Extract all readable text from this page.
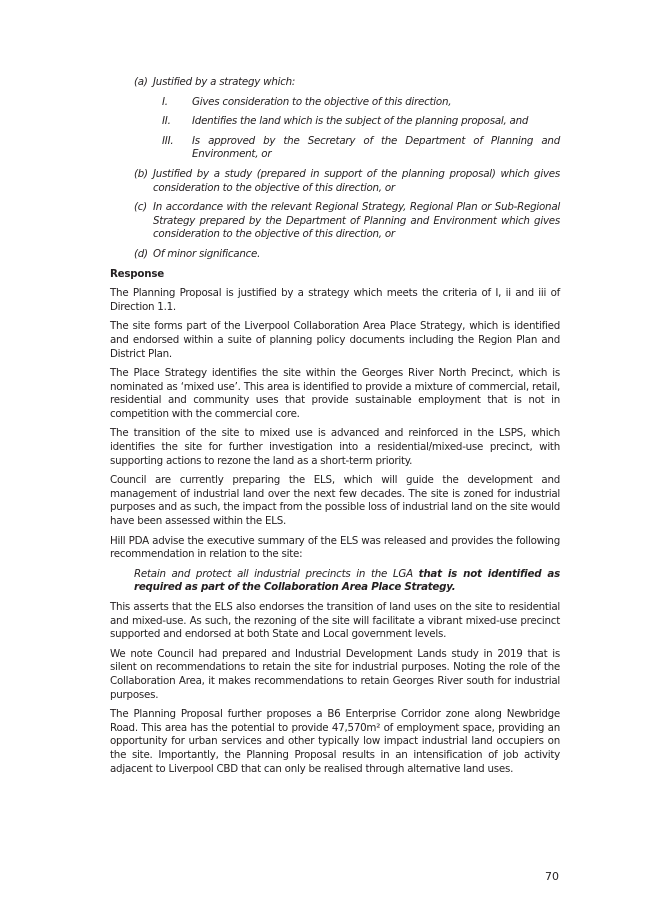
(a) Justified by a strategy which:
I.	Gives consideration to the objective of this direction,
II.	Identifies the land which is the subject of the planning proposal, and
III.	Is approved by the Secretary of the Department of Planning and Environment, or
(b) Justified by a study (prepared in support of the planning proposal) which gives consideration to the objective of this direction, or
(c) In accordance with the relevant Regional Strategy, Regional Plan or Sub-Regional Strategy prepared by the Department of Planning and Environment which gives consideration to the objective of this direction, or
(d) Of minor significance.
Response

The Planning Proposal is justified by a strategy which meets the criteria of I, ii and iii of Direction 1.1.

The site forms part of the Liverpool Collaboration Area Place Strategy, which is identified and endorsed within a suite of planning policy documents including the Region Plan and District Plan.

The Place Strategy identifies the site within the Georges River North Precinct, which is nominated as ‘mixed use’. This area is identified to provide a mixture of commercial, retail, residential and community uses that provide sustainable employment that is not in competition with the commercial core.

The transition of the site to mixed use is advanced and reinforced in the LSPS, which identifies the site for further investigation into a residential/mixed-use precinct, with supporting actions to rezone the land as a short-term priority.

Council are currently preparing the ELS, which will guide the development and management of industrial land over the next few decades. The site is zoned for industrial purposes and as such, the impact from the possible loss of industrial land on the site would have been assessed within the ELS.

Hill PDA advise the executive summary of the ELS was released and provides the following recommendation in relation to the site:

Retain and protect all industrial precincts in the LGA that is not identified as required as part of the Collaboration Area Place Strategy.

This asserts that the ELS also endorses the transition of land uses on the site to residential and mixed-use. As such, the rezoning of the site will facilitate a vibrant mixed-use precinct supported and endorsed at both State and Local government levels.

We note Council had prepared and Industrial Development Lands study in 2019 that is silent on recommendations to retain the site for industrial purposes. Noting the role of the Collaboration Area, it makes recommendations to retain Georges River south for industrial purposes.

The Planning Proposal further proposes a B6 Enterprise Corridor zone along Newbridge Road. This area has the potential to provide 47,570m² of employment space, providing an opportunity for urban services and other typically low impact industrial land occupiers on the site. Importantly, the Planning Proposal results in an intensification of job activity adjacent to Liverpool CBD that can only be realised through alternative land uses.

70
